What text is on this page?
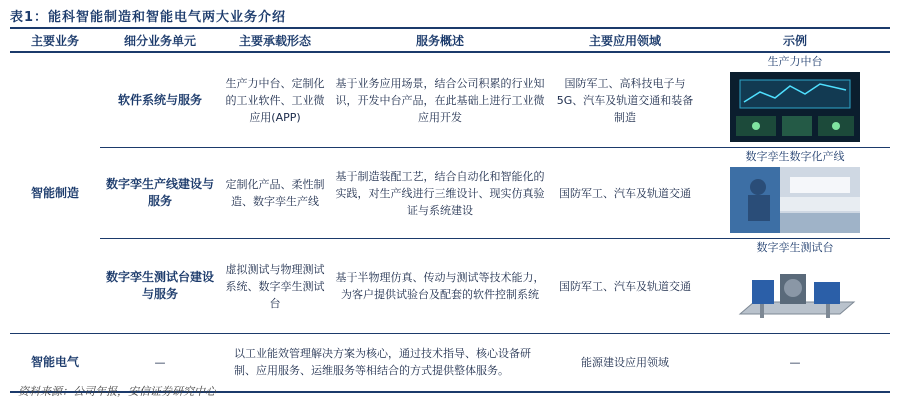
表1：能科智能制造和智能电气两大业务介绍
主要业务	细分业务单元	主要承载形态	服务概述	主要应用领域	示例
智能制造	软件系统与服务	生产力中台、定制化的工业软件、工业微应用(APP)	基于业务应用场景，结合公司积累的行业知识，开发中台产品，在此基础上进行工业微应用开发	国防军工、高科技电子与 5G、汽车及轨道交通和装备制造	生产力中台

	数字孪生产线建设与服务	定制化产品、柔性制造、数字孪生产线	基于制造装配工艺，结合自动化和智能化的实践，对生产线进行三维设计、现实仿真验证与系统建设	国防军工、汽车及轨道交通	数字孪生数字化产线

	数字孪生测试台建设与服务	虚拟测试与物理测试系统、数字孪生测试台	基于半物理仿真、传动与测试等技术能力，为客户提供试验台及配套的软件控制系统	国防军工、汽车及轨道交通	数字孪生测试台

智能电气	—	以工业能效管理解决方案为核心，通过技术指导、核心设备研制、应用服务、运维服务等相结合的方式提供整体服务。		能源建设应用领域	—
资料来源：公司年报，安信证券研究中心
